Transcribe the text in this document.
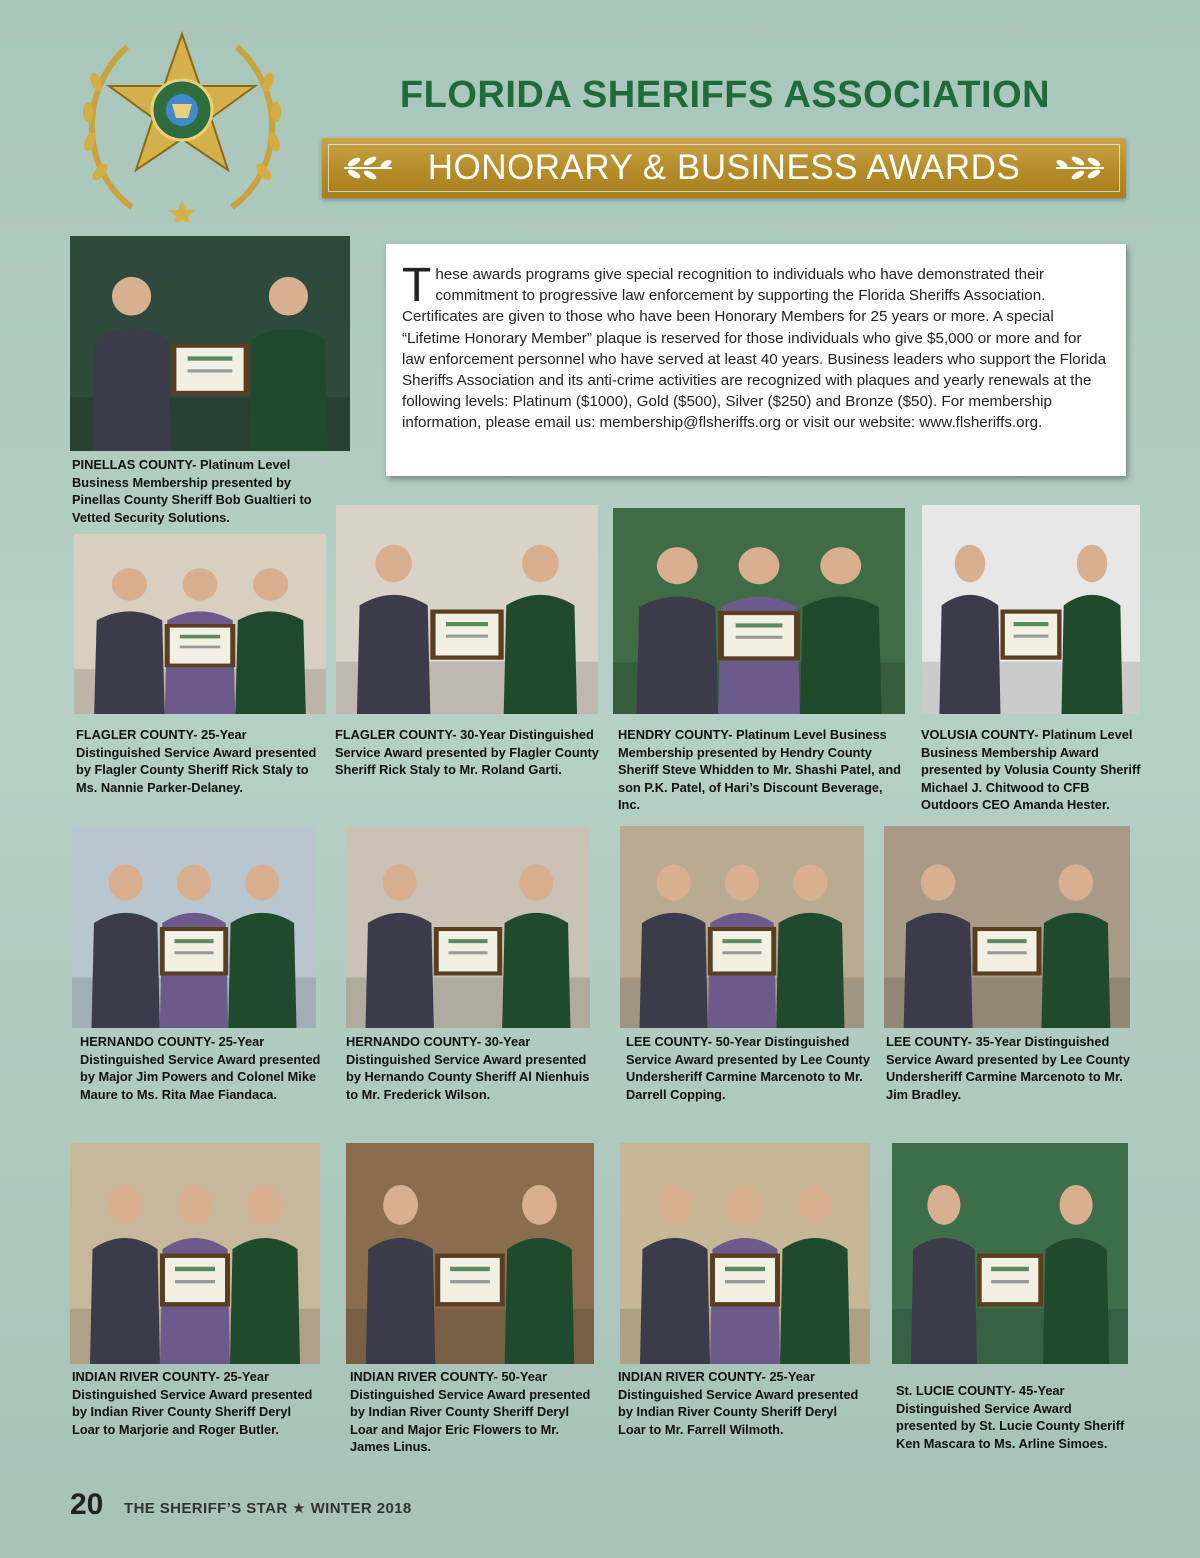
FLORIDA SHERIFFS ASSOCIATION
HONORARY & BUSINESS AWARDS

These awards programs give special recognition to individuals who have demonstrated their commitment to progressive law enforcement by supporting the Florida Sheriffs Association. Certificates are given to those who have been Honorary Members for 25 years or more. A special “Lifetime Honorary Member” plaque is reserved for those individuals who give $5,000 or more and for law enforcement personnel who have served at least 40 years. Business leaders who support the Florida Sheriffs Association and its anti-crime activities are recognized with plaques and yearly renewals at the following levels: Platinum ($1000), Gold ($500), Silver ($250) and Bronze ($50). For membership information, please email us: membership@flsheriffs.org or visit our website: www.flsheriffs.org.

PINELLAS COUNTY- Platinum Level Business Membership presented by Pinellas County Sheriff Bob Gualtieri to Vetted Security Solutions.
FLAGLER COUNTY- 25-Year Distinguished Service Award presented by Flagler County Sheriff Rick Staly to Ms. Nannie Parker-Delaney.
FLAGLER COUNTY- 30-Year Distinguished Service Award presented by Flagler County Sheriff Rick Staly to Mr. Roland Garti.
HENDRY COUNTY- Platinum Level Business Membership presented by Hendry County Sheriff Steve Whidden to Mr. Shashi Patel, and son P.K. Patel, of Hari’s Discount Beverage, Inc.
VOLUSIA COUNTY- Platinum Level Business Membership Award presented by Volusia County Sheriff Michael J. Chitwood to CFB Outdoors CEO Amanda Hester.
HERNANDO COUNTY- 25-Year Distinguished Service Award presented by Major Jim Powers and Colonel Mike Maure to Ms. Rita Mae Fiandaca.
HERNANDO COUNTY- 30-Year Distinguished Service Award presented by Hernando County Sheriff Al Nienhuis to Mr. Frederick Wilson.
LEE COUNTY- 50-Year Distinguished Service Award presented by Lee County Undersheriff Carmine Marcenoto to Mr. Darrell Copping.
LEE COUNTY- 35-Year Distinguished Service Award presented by Lee County Undersheriff Carmine Marcenoto to Mr. Jim Bradley.
INDIAN RIVER COUNTY- 25-Year Distinguished Service Award presented by Indian River County Sheriff Deryl Loar to Marjorie and Roger Butler.
INDIAN RIVER COUNTY- 50-Year Distinguished Service Award presented by Indian River County Sheriff Deryl Loar and Major Eric Flowers to Mr. James Linus.
INDIAN RIVER COUNTY- 25-Year Distinguished Service Award presented by Indian River County Sheriff Deryl Loar to Mr. Farrell Wilmoth.
St. LUCIE COUNTY- 45-Year Distinguished Service Award presented by St. Lucie County Sheriff Ken Mascara to Ms. Arline Simoes.
20 THE SHERIFF’S STAR ★ WINTER 2018
